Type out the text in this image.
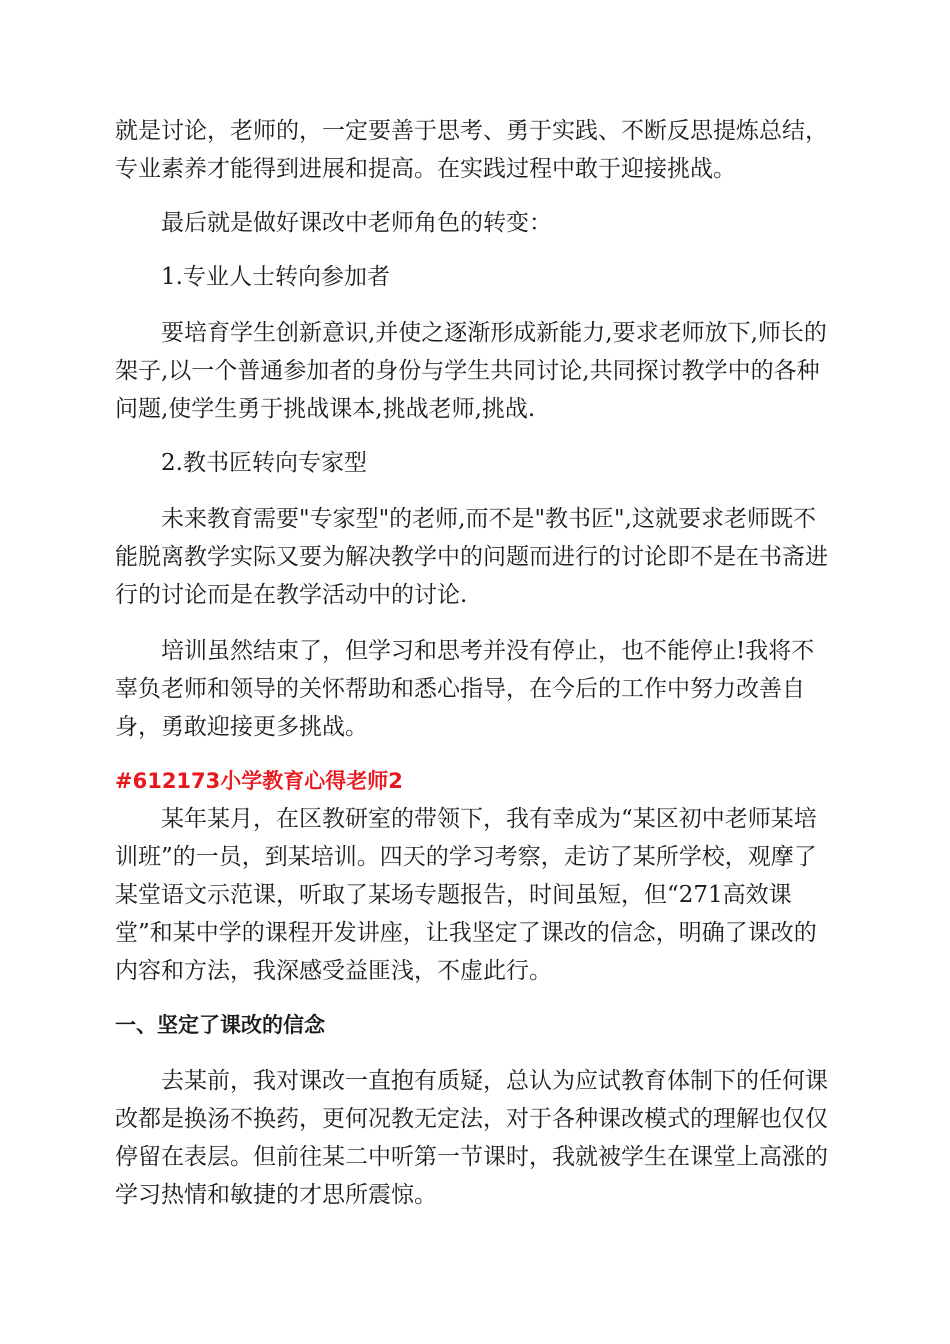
就是讨论，老师的，一定要善于思考、勇于实践、不断反思提炼总结，专业素养才能得到进展和提高。在实践过程中敢于迎接挑战。

最后就是做好课改中老师角色的转变：

1.专业人士转向参加者

要培育学生创新意识,并使之逐渐形成新能力,要求老师放下,师长的架子,以一个普通参加者的身份与学生共同讨论,共同探讨教学中的各种问题,使学生勇于挑战课本,挑战老师,挑战.

2.教书匠转向专家型

未来教育需要"专家型"的老师,而不是"教书匠",这就要求老师既不能脱离教学实际又要为解决教学中的问题而进行的讨论即不是在书斋进行的讨论而是在教学活动中的讨论.

培训虽然结束了，但学习和思考并没有停止，也不能停止!我将不辜负老师和领导的关怀帮助和悉心指导，在今后的工作中努力改善自身，勇敢迎接更多挑战。

#612173小学教育心得老师2

某年某月，在区教研室的带领下，我有幸成为“某区初中老师某培训班”的一员，到某培训。四天的学习考察，走访了某所学校，观摩了某堂语文示范课，听取了某场专题报告，时间虽短，但“271高效课堂”和某中学的课程开发讲座，让我坚定了课改的信念，明确了课改的内容和方法，我深感受益匪浅，不虚此行。

一、坚定了课改的信念

去某前，我对课改一直抱有质疑，总认为应试教育体制下的任何课改都是换汤不换药，更何况教无定法，对于各种课改模式的理解也仅仅停留在表层。但前往某二中听第一节课时，我就被学生在课堂上高涨的学习热情和敏捷的才思所震惊。
